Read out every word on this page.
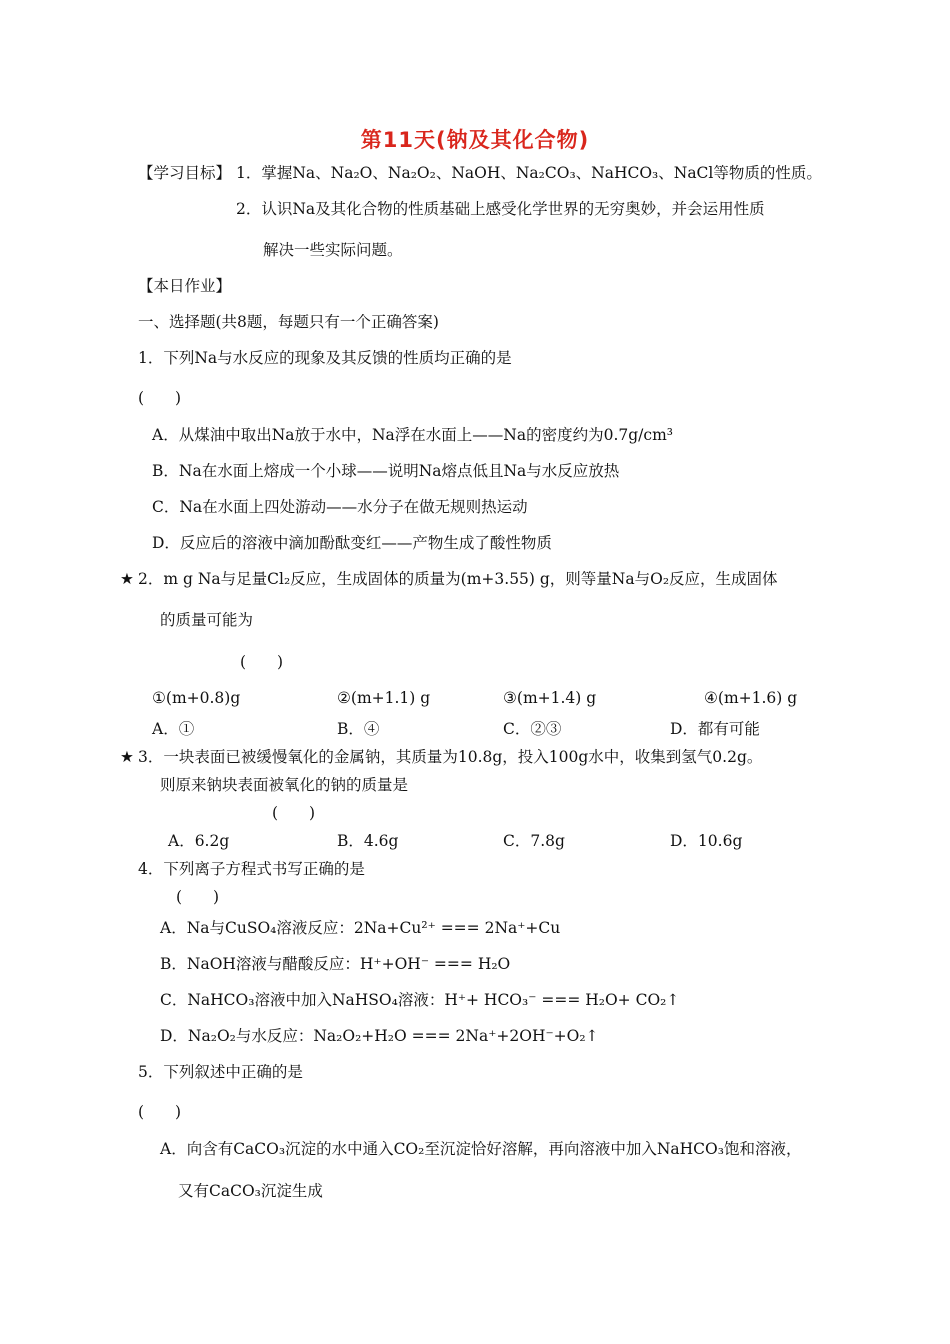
第11天(钠及其化合物)
【学习目标】 1．掌握Na、Na₂O、Na₂O₂、NaOH、Na₂CO₃、NaHCO₃、NaCl等物质的性质。
2．认识Na及其化合物的性质基础上感受化学世界的无穷奥妙，并会运用性质
解决一些实际问题。
【本日作业】
一、选择题(共8题，每题只有一个正确答案)
1．下列Na与水反应的现象及其反馈的性质均正确的是
(　　)
A．从煤油中取出Na放于水中，Na浮在水面上——Na的密度约为0.7g/cm³
B．Na在水面上熔成一个小球——说明Na熔点低且Na与水反应放热
C．Na在水面上四处游动——水分子在做无规则热运动
D．反应后的溶液中滴加酚酞变红——产物生成了酸性物质
★ 2．m g Na与足量Cl₂反应，生成固体的质量为(m+3.55) g，则等量Na与O₂反应，生成固体
的质量可能为
(　　)
①(m+0.8)g	②(m+1.1) g	③(m+1.4) g	④(m+1.6) g
A．①	B．④	C．②③	D．都有可能
★ 3．一块表面已被缓慢氧化的金属钠，其质量为10.8g，投入100g水中，收集到氢气0.2g。
则原来钠块表面被氧化的钠的质量是
(　　)
A．6.2g	B．4.6g	C．7.8g	D．10.6g
4．下列离子方程式书写正确的是
(　　)
A．Na与CuSO₄溶液反应：2Na+Cu²⁺ === 2Na⁺+Cu
B．NaOH溶液与醋酸反应：H⁺+OH⁻ === H₂O
C．NaHCO₃溶液中加入NaHSO₄溶液：H⁺+ HCO₃⁻ === H₂O+ CO₂↑
D．Na₂O₂与水反应：Na₂O₂+H₂O === 2Na⁺+2OH⁻+O₂↑
5．下列叙述中正确的是
(　　)
A．向含有CaCO₃沉淀的水中通入CO₂至沉淀恰好溶解，再向溶液中加入NaHCO₃饱和溶液，
又有CaCO₃沉淀生成
